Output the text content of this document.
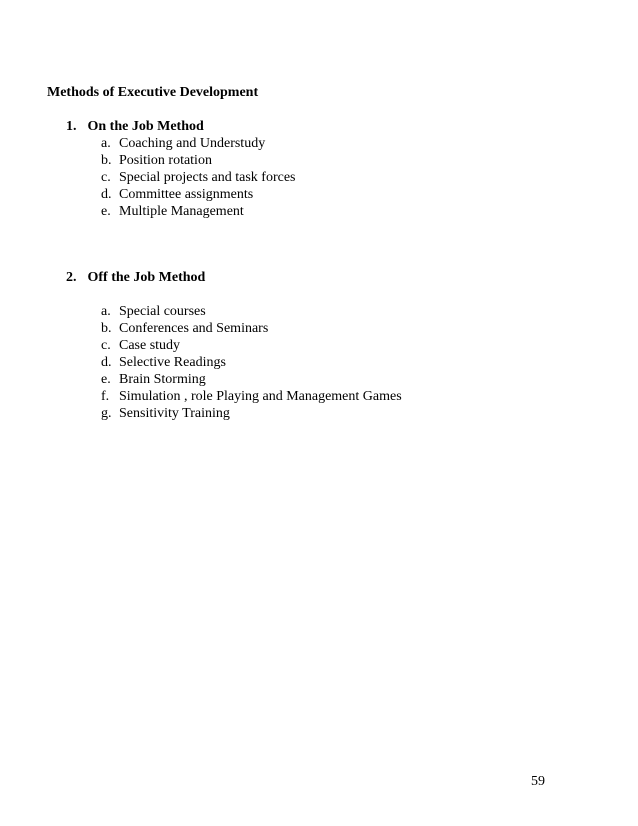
Methods of Executive Development
1. On the Job Method
a. Coaching and Understudy
b. Position rotation
c. Special projects and task forces
d. Committee assignments
e. Multiple Management
2. Off the Job Method
a. Special courses
b. Conferences and Seminars
c. Case study
d. Selective Readings
e. Brain Storming
f. Simulation , role Playing and Management Games
g. Sensitivity Training
59
